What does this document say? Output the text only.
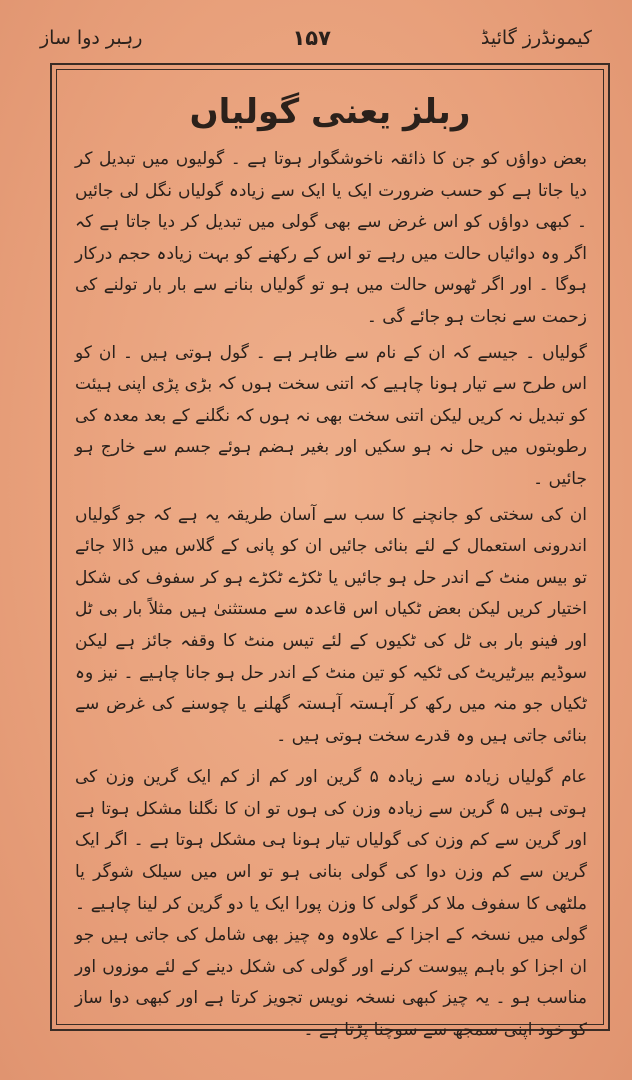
رہبر دوا ساز	۱۵۷	کیمونڈرز گائیڈ
ربلز یعنی گولیاں

بعض دواؤں کو جن کا ذائقہ ناخوشگوار ہوتا ہے ۔ گولیوں میں تبدیل کر دیا جاتا ہے کو حسب ضرورت ایک یا ایک سے زیادہ گولیاں نگل لی جائیں ۔ کبھی دواؤں کو اس غرض سے بھی گولی میں تبدیل کر دیا جاتا ہے کہ اگر وہ دوائیاں حالت میں رہے تو اس کے رکھنے کو بہت زیادہ حجم درکار ہوگا ۔ اور اگر ٹھوس حالت میں ہو تو گولیاں بنانے سے بار بار تولنے کی زحمت سے نجات ہو جائے گی ۔

گولیاں ۔ جیسے کہ ان کے نام سے ظاہر ہے ۔ گول ہوتی ہیں ۔ ان کو اس طرح سے تیار ہونا چاہیے کہ اتنی سخت ہوں کہ بڑی پڑی اپنی ہیئت کو تبدیل نہ کریں لیکن اتنی سخت بھی نہ ہوں کہ نگلنے کے بعد معدہ کی رطوبتوں میں حل نہ ہو سکیں اور بغیر ہضم ہوئے جسم سے خارج ہو جائیں ۔

ان کی سختی کو جانچنے کا سب سے آسان طریقہ یہ ہے کہ جو گولیاں اندرونی استعمال کے لئے بنائی جائیں ان کو پانی کے گلاس میں ڈالا جائے تو بیس منٹ کے اندر حل ہو جائیں یا ٹکڑے ٹکڑے ہو کر سفوف کی شکل اختیار کریں لیکن بعض ٹکیاں اس قاعدہ سے مستثنیٰ ہیں مثلاً بار بی ٹل اور فینو بار بی ٹل کی ٹکیوں کے لئے تیس منٹ کا وقفہ جائز ہے لیکن سوڈیم بیرٹیریٹ کی ٹکیہ کو تین منٹ کے اندر حل ہو جانا چاہیے ۔ نیز وہ ٹکیاں جو منہ میں رکھ کر آہستہ آہستہ گھلنے یا چوسنے کی غرض سے بنائی جاتی ہیں وہ قدرے سخت ہوتی ہیں ۔

عام گولیاں زیادہ سے زیادہ ۵ گرین اور کم از کم ایک گرین وزن کی ہوتی ہیں ۵ گرین سے زیادہ وزن کی ہوں تو ان کا نگلنا مشکل ہوتا ہے اور گرین سے کم وزن کی گولیاں تیار ہونا ہی مشکل ہوتا ہے ۔ اگر ایک گرین سے کم وزن دوا کی گولی بنانی ہو تو اس میں سیلک شوگر یا ملٹھی کا سفوف ملا کر گولی کا وزن پورا ایک یا دو گرین کر لینا چاہیے ۔ گولی میں نسخہ کے اجزا کے علاوہ وہ چیز بھی شامل کی جاتی ہیں جو ان اجزا کو باہم پیوست کرنے اور گولی کی شکل دینے کے لئے موزوں اور مناسب ہو ۔ یہ چیز کبھی نسخہ نویس تجویز کرتا ہے اور کبھی دوا ساز کو خود اپنی سمجھ سے سوچنا پڑتا ہے ۔
